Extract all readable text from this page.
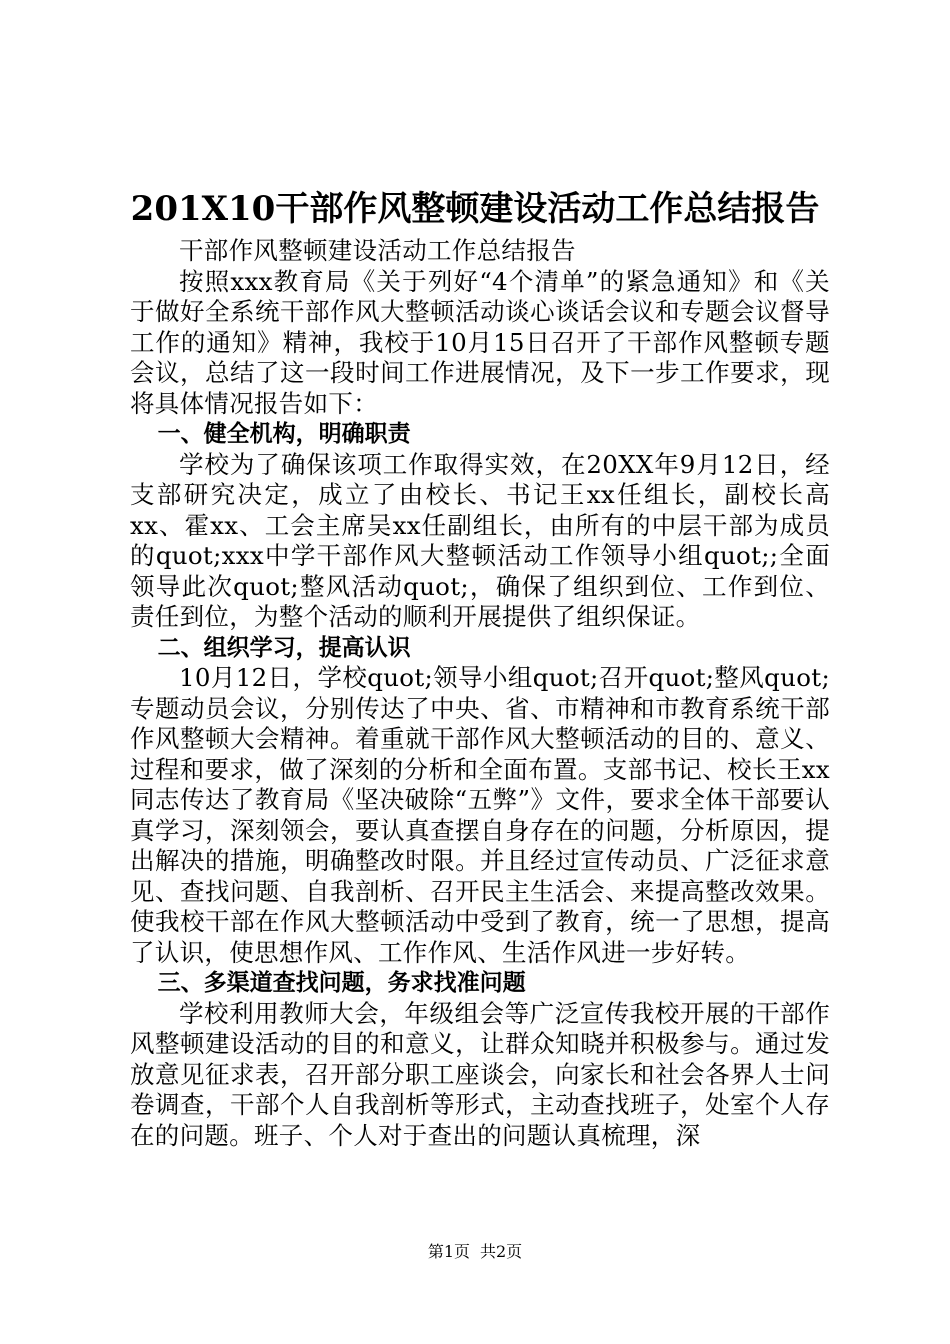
201X10干部作风整顿建设活动工作总结报告

干部作风整顿建设活动工作总结报告

按照xxx教育局《关于列好“4个清单”的紧急通知》和《关于做好全系统干部作风大整顿活动谈心谈话会议和专题会议督导工作的通知》精神，我校于10月15日召开了干部作风整顿专题会议，总结了这一段时间工作进展情况，及下一步工作要求，现将具体情况报告如下：

一、健全机构，明确职责

学校为了确保该项工作取得实效，在20XX年9月12日，经支部研究决定，成立了由校长、书记王xx任组长，副校长高xx、霍xx、工会主席吴xx任副组长，由所有的中层干部为成员的quot;xxx中学干部作风大整顿活动工作领导小组quot;;全面领导此次quot;整风活动quot;，确保了组织到位、工作到位、责任到位，为整个活动的顺利开展提供了组织保证。

二、组织学习，提高认识

10月12日，学校quot;领导小组quot;召开quot;整风quot;专题动员会议，分别传达了中央、省、市精神和市教育系统干部作风整顿大会精神。着重就干部作风大整顿活动的目的、意义、过程和要求，做了深刻的分析和全面布置。支部书记、校长王xx同志传达了教育局《坚决破除“五弊”》文件，要求全体干部要认真学习，深刻领会，要认真查摆自身存在的问题，分析原因，提出解决的措施，明确整改时限。并且经过宣传动员、广泛征求意见、查找问题、自我剖析、召开民主生活会、来提高整改效果。使我校干部在作风大整顿活动中受到了教育，统一了思想，提高了认识，使思想作风、工作作风、生活作风进一步好转。

三、多渠道查找问题，务求找准问题

学校利用教师大会，年级组会等广泛宣传我校开展的干部作风整顿建设活动的目的和意义，让群众知晓并积极参与。通过发放意见征求表，召开部分职工座谈会，向家长和社会各界人士问卷调查，干部个人自我剖析等形式，主动查找班子，处室个人存在的问题。班子、个人对于查出的问题认真梳理，深

第1页 共2页
